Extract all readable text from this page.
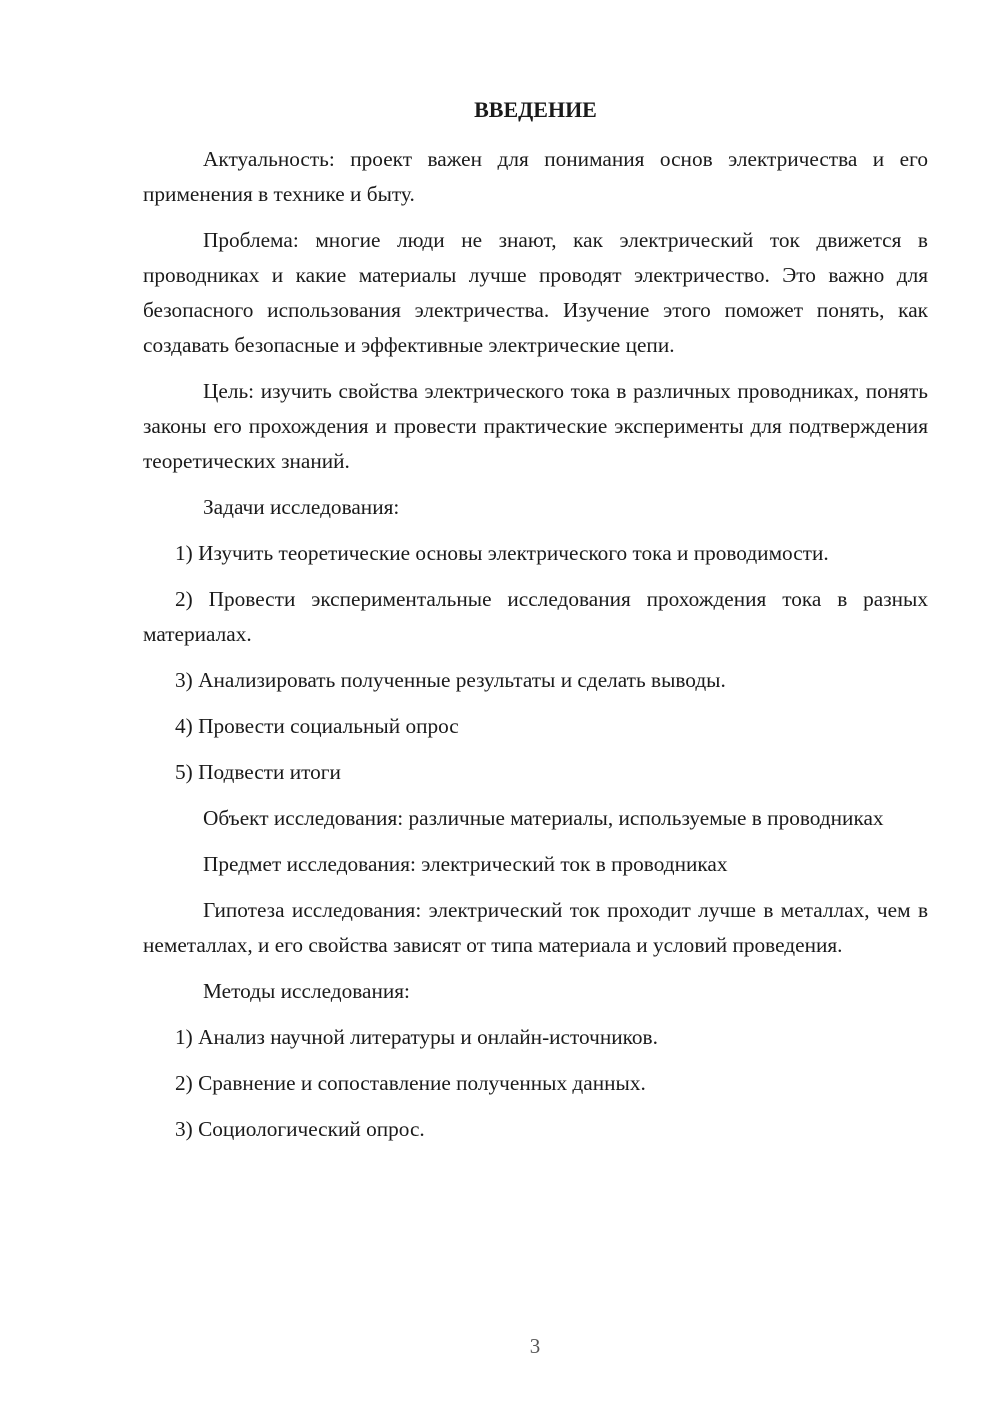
ВВЕДЕНИЕ

Актуальность: проект важен для понимания основ электричества и его применения в технике и быту.

Проблема: многие люди не знают, как электрический ток движется в проводниках и какие материалы лучше проводят электричество. Это важно для безопасного использования электричества. Изучение этого поможет понять, как создавать безопасные и эффективные электрические цепи.

Цель: изучить свойства электрического тока в различных проводниках, понять законы его прохождения и провести практические эксперименты для подтверждения теоретических знаний.

Задачи исследования:

1) Изучить теоретические основы электрического тока и проводимости.

2) Провести экспериментальные исследования прохождения тока в разных материалах.

3) Анализировать полученные результаты и сделать выводы.

4) Провести социальный опрос

5) Подвести итоги

Объект исследования: различные материалы, используемые в проводниках

Предмет исследования: электрический ток в проводниках

Гипотеза исследования: электрический ток проходит лучше в металлах, чем в неметаллах, и его свойства зависят от типа материала и условий проведения.

Методы исследования:

1) Анализ научной литературы и онлайн-источников.

2) Сравнение и сопоставление полученных данных.

3) Социологический опрос.

3
